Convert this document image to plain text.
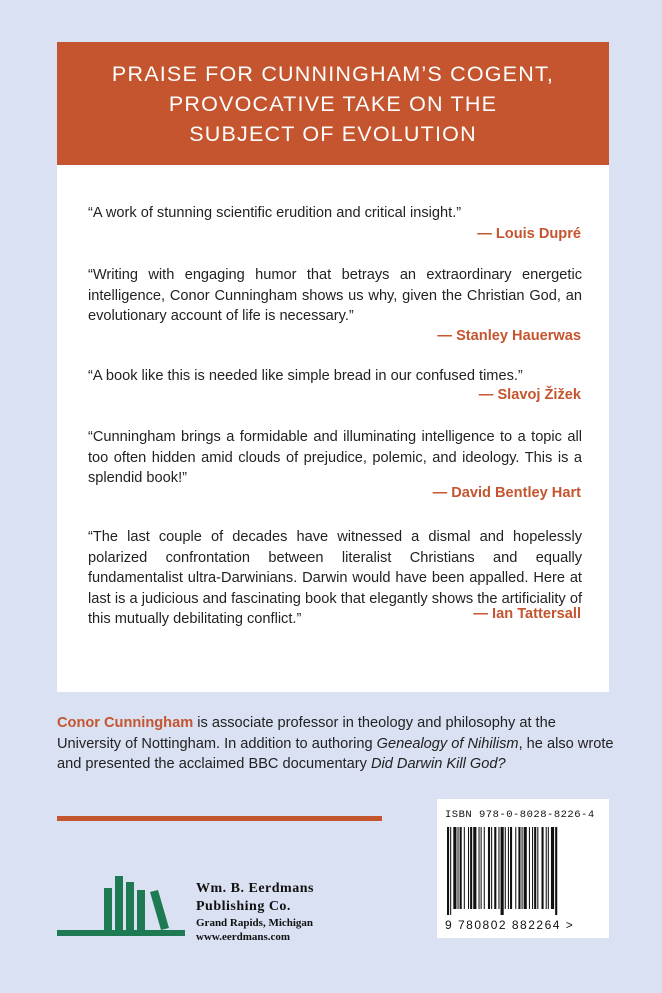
PRAISE FOR CUNNINGHAM’S COGENT,
PROVOCATIVE TAKE ON THE
SUBJECT OF EVOLUTION
“A work of stunning scientific erudition and critical insight.”
— Louis Dupré
“Writing with engaging humor that betrays an extraordinary energetic intelligence, Conor Cunningham shows us why, given the Christian God, an evolutionary account of life is necessary.”
— Stanley Hauerwas
“A book like this is needed like simple bread in our confused times.”
— Slavoj Žižek
“Cunningham brings a formidable and illuminating intelligence to a topic all too often hidden amid clouds of prejudice, polemic, and ideology. This is a splendid book!”
— David Bentley Hart
“The last couple of decades have witnessed a dismal and hopelessly polarized confrontation between literalist Christians and equally fundamentalist ultra-Darwinians. Darwin would have been appalled. Here at last is a judicious and fascinating book that elegantly shows the artificiality of this mutually debilitating conflict.”	— Ian Tattersall
Conor Cunningham is associate professor in theology and philosophy at the University of Nottingham. In addition to authoring Genealogy of Nihilism, he also wrote and presented the acclaimed BBC documentary Did Darwin Kill God?
Wm. B. Eerdmans
Publishing Co.
Grand Rapids, Michigan
www.eerdmans.com
ISBN 978-0-8028-8226-4
9 780802 882264 >
